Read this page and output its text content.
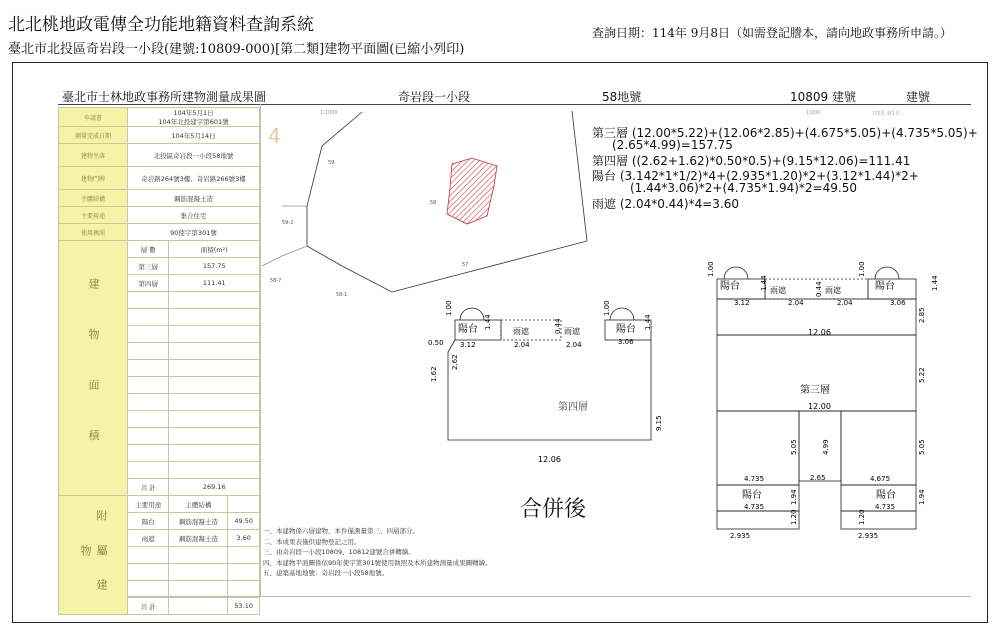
北北桃地政電傳全功能地籍資料查詢系統
臺北市北投區奇岩段一小段(建號:10809-000)[第二類]建物平面圖(已縮小列印)
查詢日期：114年 9月8日（如需登記謄本，請向地政事務所申請。）
臺北市士林地政事務所建物測量成果圖	奇岩段一小段	58地號	10809 建號	建號
1/1000	1/200	共2頁 第1頁
4
申請書	104年5月1日
104年北投建字第601號		
測量完成日期	104年5月14日		
建物坐落	北投區奇岩段一小段58地號		
建物門牌	奇岩路264號3樓、奇岩路266號3樓		
主體結構	鋼筋混凝土造		
主要用途	集合住宅		
使用執照	90使字第301號		
建 物 面 積	層 數	面積(m²)	
	第三層	157.75	
	第四層	111.41	

	共 計	269.16	
附 屬 建 物	主要用途	主體結構	
	陽台	鋼筋混凝土造	49.50
	雨遮	鋼筋混凝土造	3.60

	共 計		53.10
第三層 (12.00*5.22)+(12.06*2.85)+(4.675*5.05)+(4.735*5.05)+
(2.65*4.99)=157.75
第四層 ((2.62+1.62)*0.50*0.5)+(9.15*12.06)=111.41
陽台 (3.142*1*1/2)*4+(2.935*1.20)*2+(3.12*1.44)*2+
(1.44*3.06)*2+(4.735*1.94)*2=49.50
雨遮 (2.04*0.44)*4=3.60
59
59-2
58
57
58-7
58-1
陽台	雨遮	雨遮	陽台
3.12	2.04	2.04	3.06
0.50
第四層
9.15
12.06
1.44	1.44
1.00	1.00
0.44
1.62
2.62
陽台	雨遮	雨遮	陽台
3.12	2.04	2.04	3.06
12.06
第三層
12.00
4.735	2.65	4.675
陽台	陽台
4.735	4.735
2.935	2.935
1.44	1.44
1.00	1.00
0.44
2.85
5.22
5.05	4.99	5.05
1.94	1.94
1.20	1.20
合併後
一、本建物係六層建物，本件僅測量第三、四層部分。
二、本成果表僅供建物登記之用。
三、由奇岩段一小段10809、10812建號合併轉繪。
四、本建物平面圖係依90年使字第301號使用執照及本所建物測量成果圖轉繪。
五、建築基地地號：奇岩段一小段58地號。
